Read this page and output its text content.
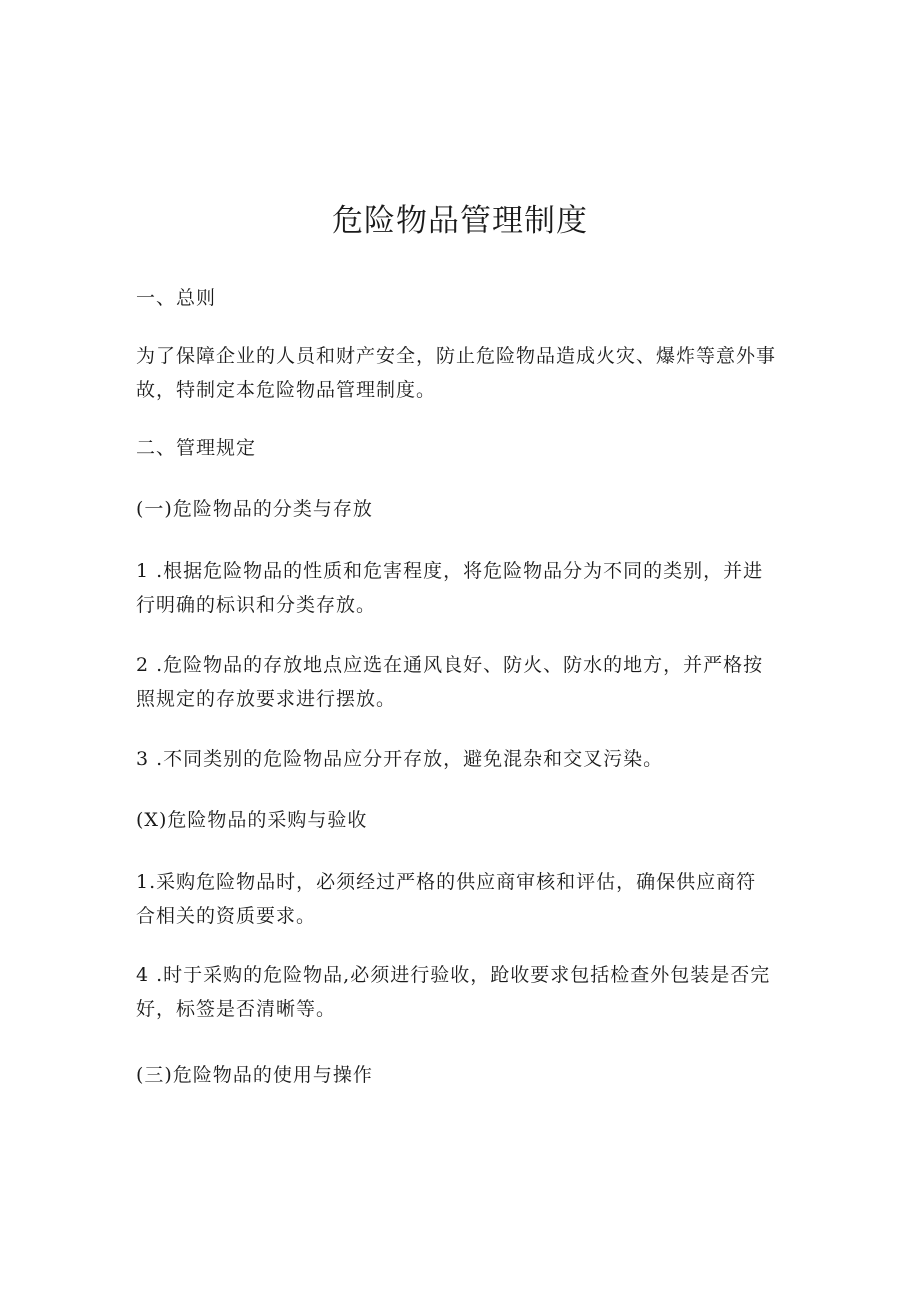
危险物品管理制度

一、总则

为了保障企业的人员和财产安全，防止危险物品造成火灾、爆炸等意外事故，特制定本危险物品管理制度。

二、管理规定

(一)危险物品的分类与存放

1 .根据危险物品的性质和危害程度，将危险物品分为不同的类别，并进行明确的标识和分类存放。

2 .危险物品的存放地点应选在通风良好、防火、防水的地方，并严格按照规定的存放要求进行摆放。

3 .不同类别的危险物品应分开存放，避免混杂和交叉污染。

(X)危险物品的采购与验收

1.采购危险物品时，必须经过严格的供应商审核和评估，确保供应商符合相关的资质要求。

4 .时于采购的危险物品,必须进行验收，跄收要求包括检查外包装是否完好，标签是否清晰等。

(三)危险物品的使用与操作
